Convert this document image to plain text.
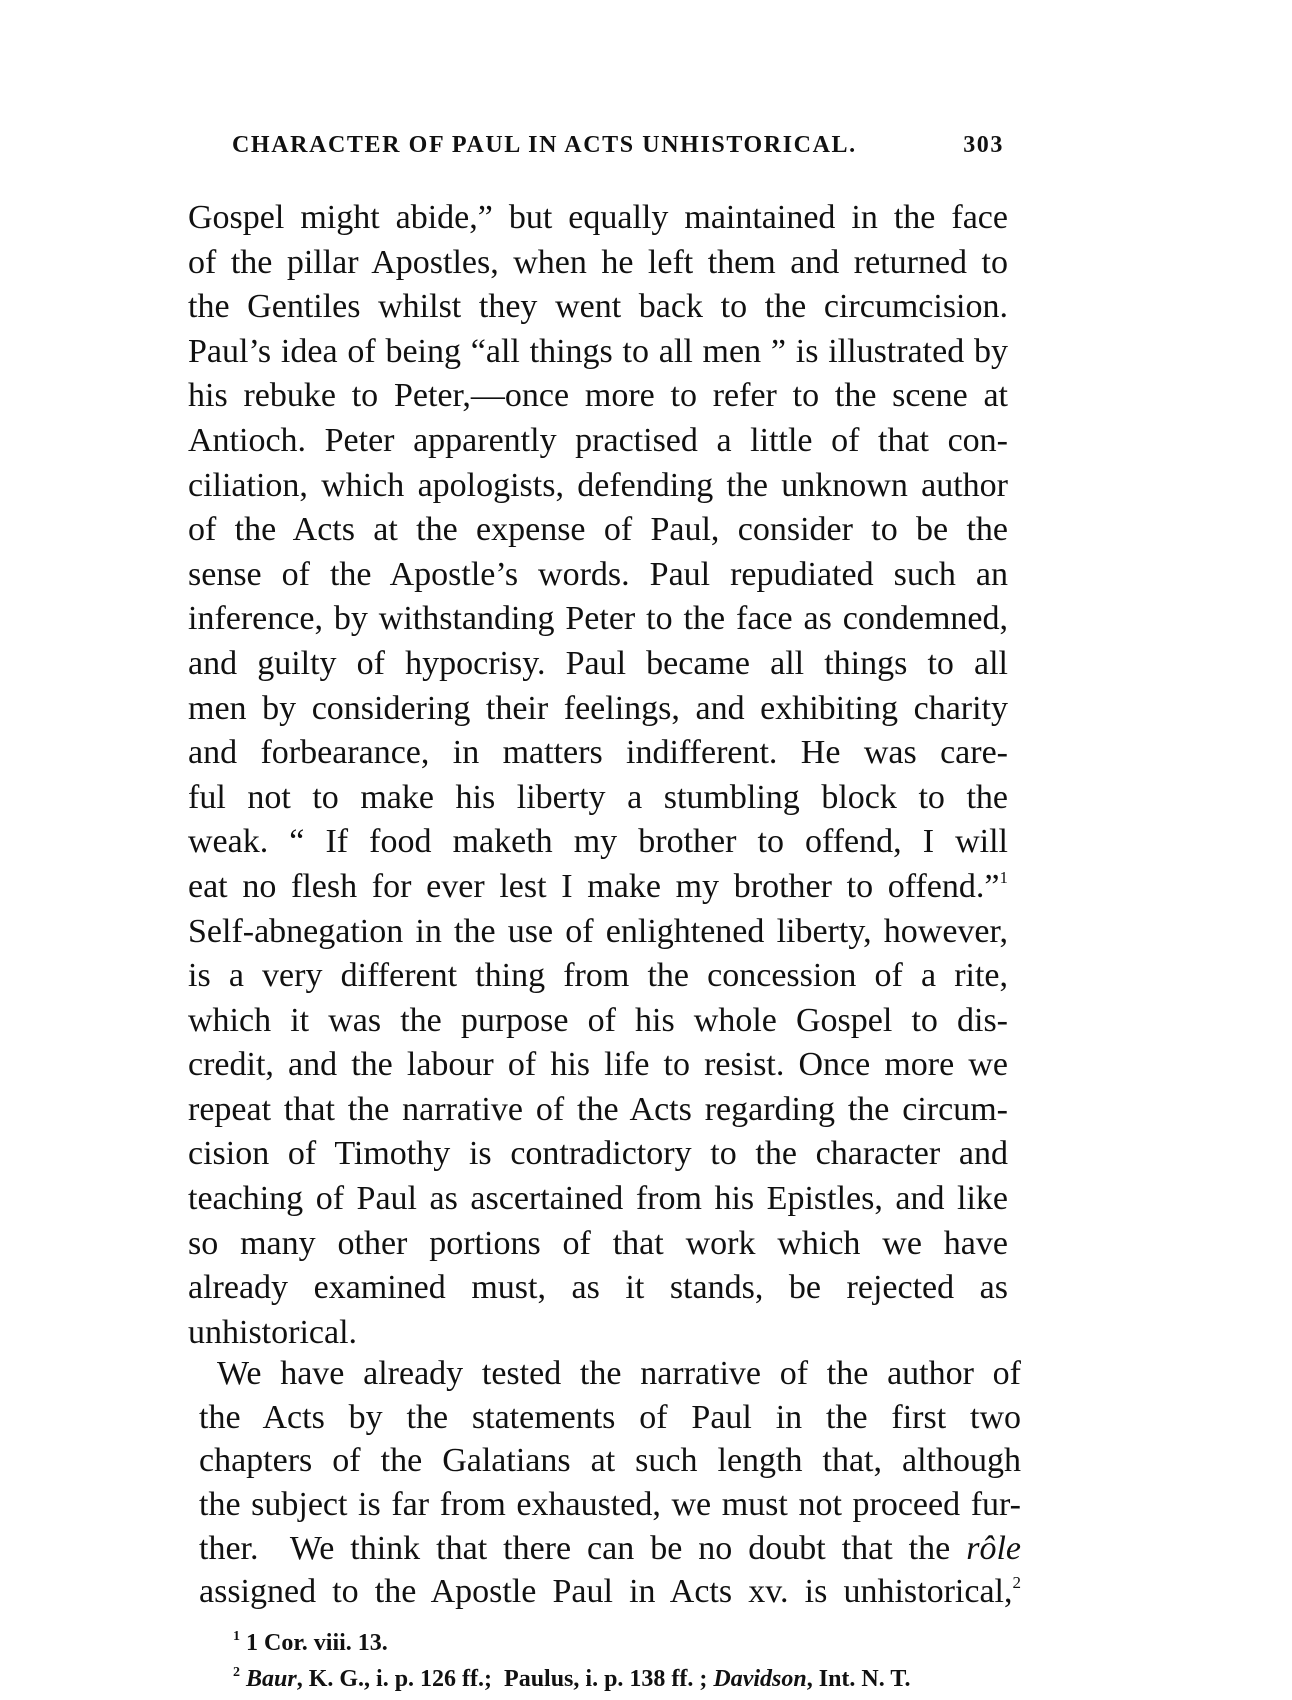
CHARACTER OF PAUL IN ACTS UNHISTORICAL.	303
Gospel might abide,” but equally maintained in the face
of the pillar Apostles, when he left them and returned to
the Gentiles whilst they went back to the circumcision.
Paul’s idea of being “all things to all men ” is illustrated by
his rebuke to Peter,—once more to refer to the scene at
Antioch. Peter apparently practised a little of that con-
ciliation, which apologists, defending the unknown author
of the Acts at the expense of Paul, consider to be the
sense of the Apostle’s words. Paul repudiated such an
inference, by withstanding Peter to the face as condemned,
and guilty of hypocrisy. Paul became all things to all
men by considering their feelings, and exhibiting charity
and forbearance, in matters indifferent. He was care-
ful not to make his liberty a stumbling block to the
weak. “ If food maketh my brother to offend, I will
eat no flesh for ever lest I make my brother to offend.”$^1$
Self-abnegation in the use of enlightened liberty, however,
is a very different thing from the concession of a rite,
which it was the purpose of his whole Gospel to dis-
credit, and the labour of his life to resist. Once more we
repeat that the narrative of the Acts regarding the circum-
cision of Timothy is contradictory to the character and
teaching of Paul as ascertained from his Epistles, and like
so many other portions of that work which we have
already examined must, as it stands, be rejected as
unhistorical.
We have already tested the narrative of the author of
the Acts by the statements of Paul in the first two
chapters of the Galatians at such length that, although
the subject is far from exhausted, we must not proceed fur-
ther.  We think that there can be no doubt that the rôle
assigned to the Apostle Paul in Acts xv. is unhistorical,$^2$
$^1$ 1 Cor. viii. 13.
$^2$ Baur, K. G., i. p. 126 ff.;  Paulus, i. p. 138 ff. ; Davidson, Int. N. T.
